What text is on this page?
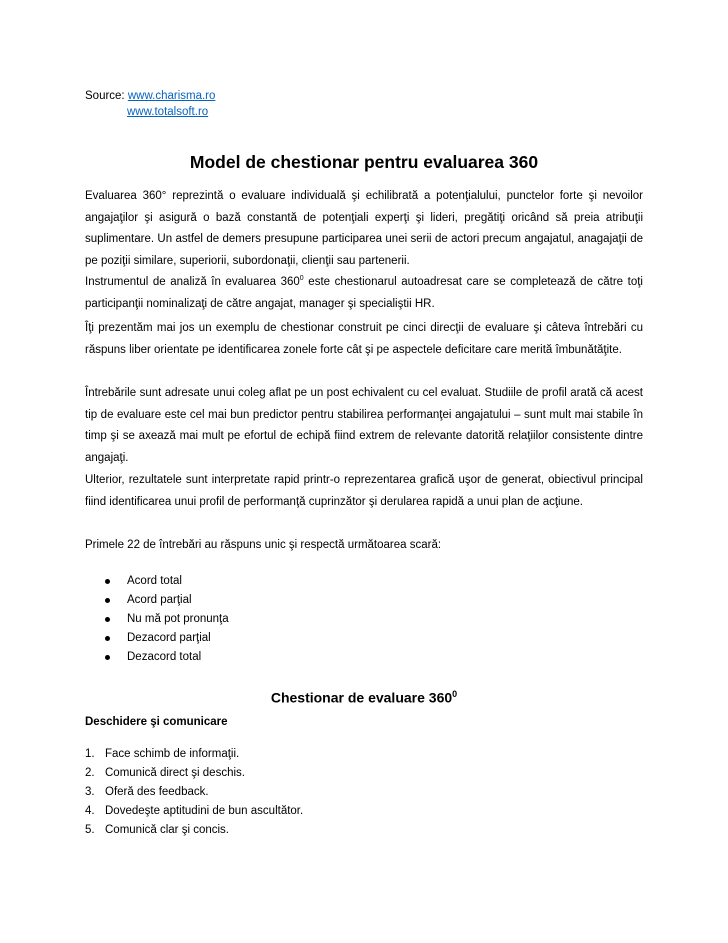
Source: www.charisma.ro
www.totalsoft.ro
Model de chestionar pentru evaluarea 360

Evaluarea 360° reprezintă o evaluare individuală şi echilibrată a potenţialului, punctelor forte şi nevoilor angajaţilor şi asigură o bază constantă de potenţiali experţi şi lideri, pregătiţi oricând să preia atribuţii suplimentare. Un astfel de demers presupune participarea unei serii de actori precum angajatul, anagajaţii de pe poziţii similare, superiorii, subordonaţii, clienţii sau partenerii.

Instrumentul de analiză în evaluarea $360^0$ este chestionarul autoadresat care se completează de către toţi participanţii nominalizaţi de către angajat, manager şi specialiştii HR.

Îţi prezentăm mai jos un exemplu de chestionar construit pe cinci direcţii de evaluare şi câteva întrebări cu răspuns liber orientate pe identificarea zonele forte cât şi pe aspectele deficitare care merită îmbunătăţite.

Întrebările sunt adresate unui coleg aflat pe un post echivalent cu cel evaluat. Studiile de profil arată că acest tip de evaluare este cel mai bun predictor pentru stabilirea performanţei angajatului – sunt mult mai stabile în timp şi se axează mai mult pe efortul de echipă fiind extrem de relevante datorită relaţiilor consistente dintre angajaţi.

Ulterior, rezultatele sunt interpretate rapid printr-o reprezentarea grafică uşor de generat, obiectivul principal fiind identificarea unui profil de performanţă cuprinzător şi derularea rapidă a unui plan de acţiune.

Primele 22 de întrebări au răspuns unic şi respectă următoarea scară:

Acord total
Acord parţial
Nu mă pot pronunţa
Dezacord parţial
Dezacord total
Chestionar de evaluare $360^0$
Deschidere şi comunicare
1. Face schimb de informaţii.
2. Comunică direct şi deschis.
3. Oferă des feedback.
4. Dovedeşte aptitudini de bun ascultător.
5. Comunică clar şi concis.
